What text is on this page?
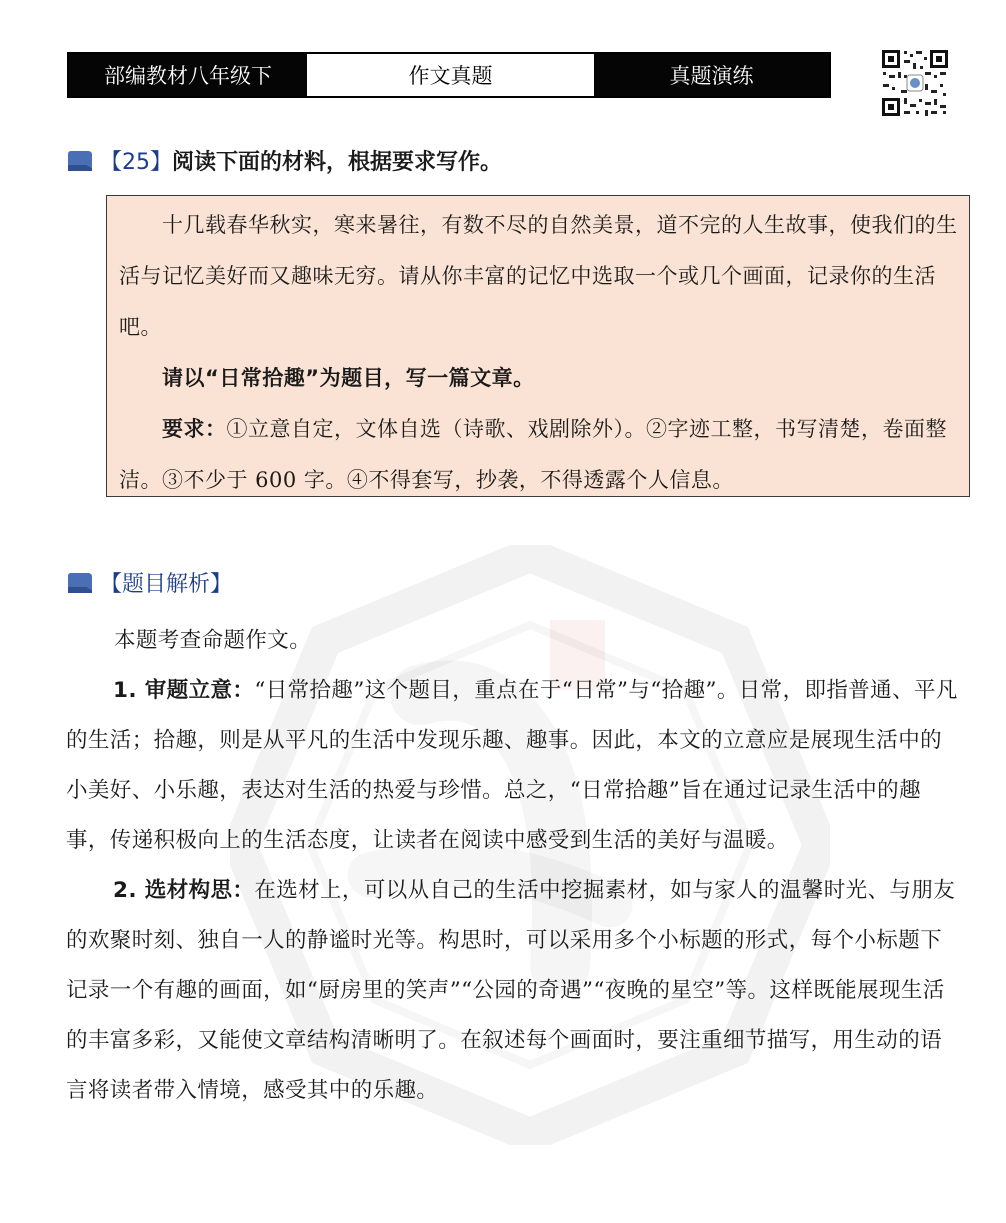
部编教材八年级下	作文真题	真题演练
【25】阅读下面的材料，根据要求写作。

十几载春华秋实，寒来暑往，有数不尽的自然美景，道不完的人生故事，使我们的生活与记忆美好而又趣味无穷。请从你丰富的记忆中选取一个或几个画面，记录你的生活吧。

请以“日常拾趣”为题目，写一篇文章。

要求：①立意自定，文体自选（诗歌、戏剧除外）。②字迹工整，书写清楚，卷面整洁。③不少于 600 字。④不得套写，抄袭，不得透露个人信息。

【题目解析】

本题考查命题作文。

1. 审题立意：“日常拾趣”这个题目，重点在于“日常”与“拾趣”。日常，即指普通、平凡的生活；拾趣，则是从平凡的生活中发现乐趣、趣事。因此，本文的立意应是展现生活中的小美好、小乐趣，表达对生活的热爱与珍惜。总之，“日常拾趣”旨在通过记录生活中的趣事，传递积极向上的生活态度，让读者在阅读中感受到生活的美好与温暖。

2. 选材构思：在选材上，可以从自己的生活中挖掘素材，如与家人的温馨时光、与朋友的欢聚时刻、独自一人的静谧时光等。构思时，可以采用多个小标题的形式，每个小标题下记录一个有趣的画面，如“厨房里的笑声”“公园的奇遇”“夜晚的星空”等。这样既能展现生活的丰富多彩，又能使文章结构清晰明了。在叙述每个画面时，要注重细节描写，用生动的语言将读者带入情境，感受其中的乐趣。
